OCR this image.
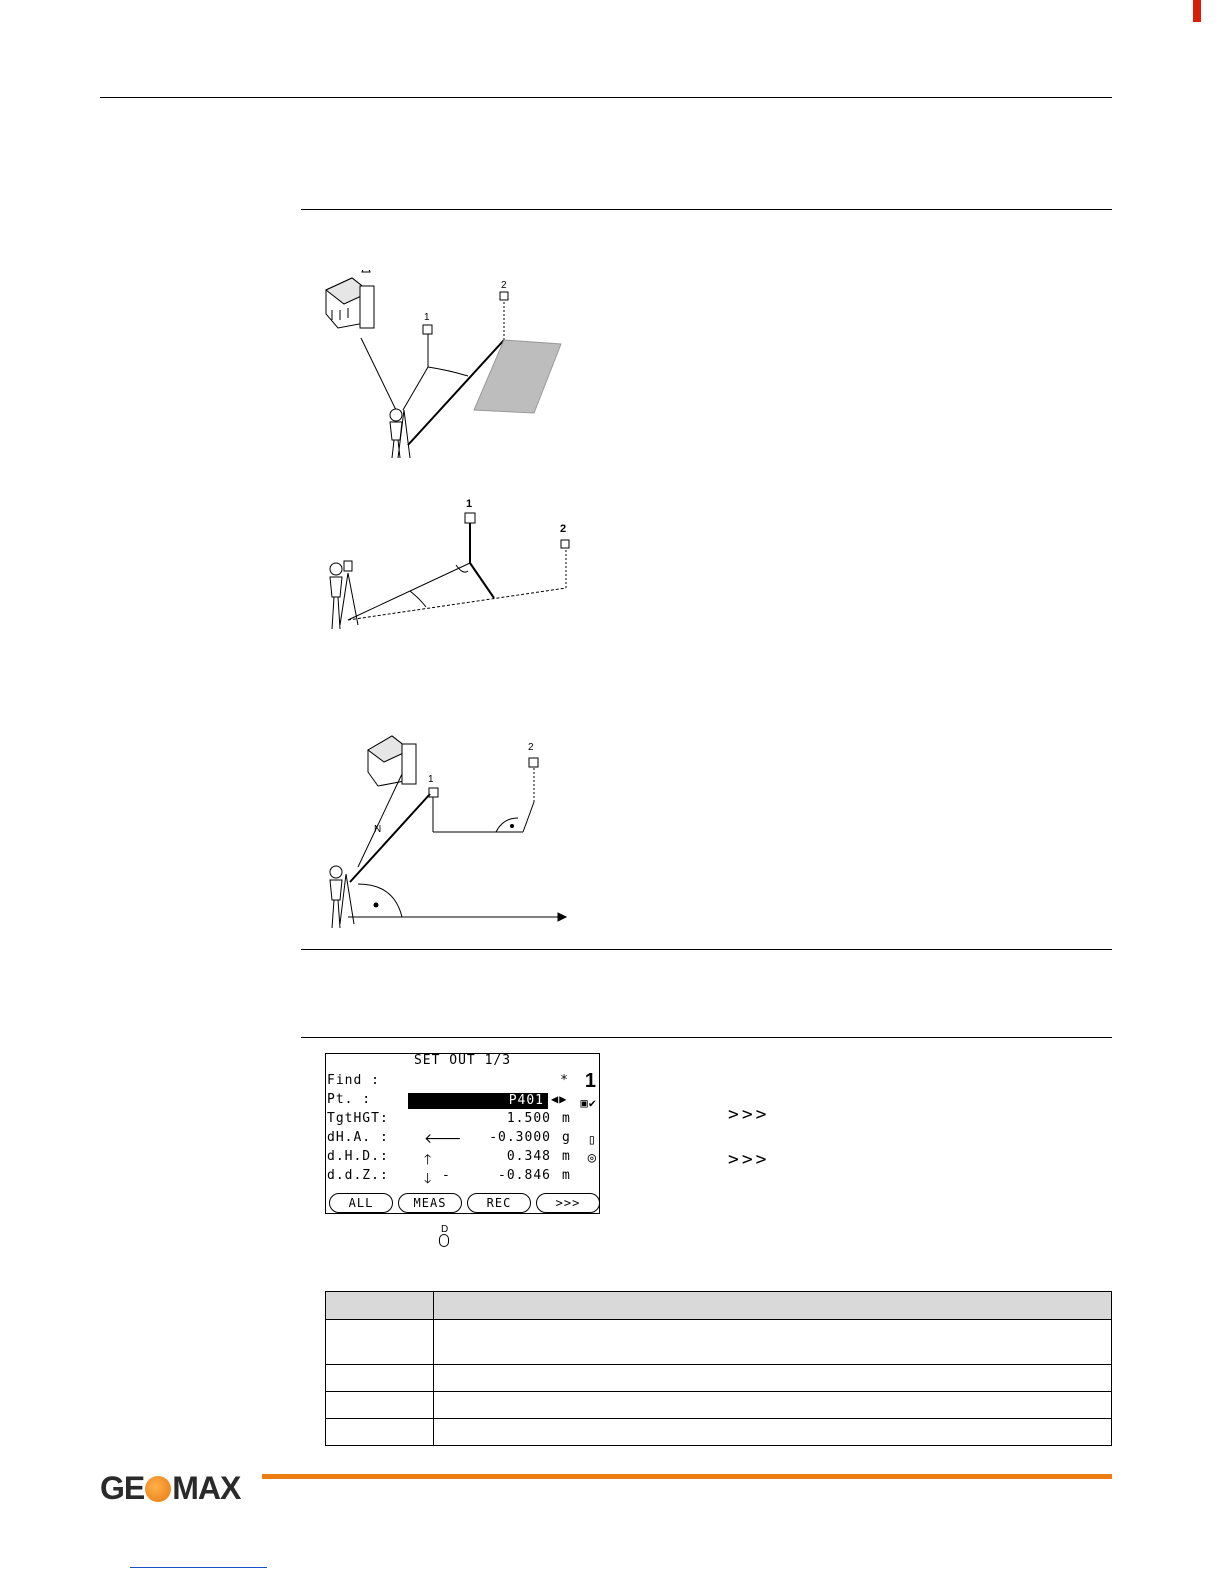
1
2
1
2
1
2
N
SET OUT 1/3
Find :	*
Pt. :	P401 ◀▶
TgtHGT:	1.500 m
dH.A. :	🡐 -0.3000 g
d.H.D.:	🡑	0.348 m
d.d.Z.:	🡓 -	-0.846 m
1
▣✔
▯
◎
ALL	MEAS	REC	>>>
>>>
>>>
D

GE MAX
